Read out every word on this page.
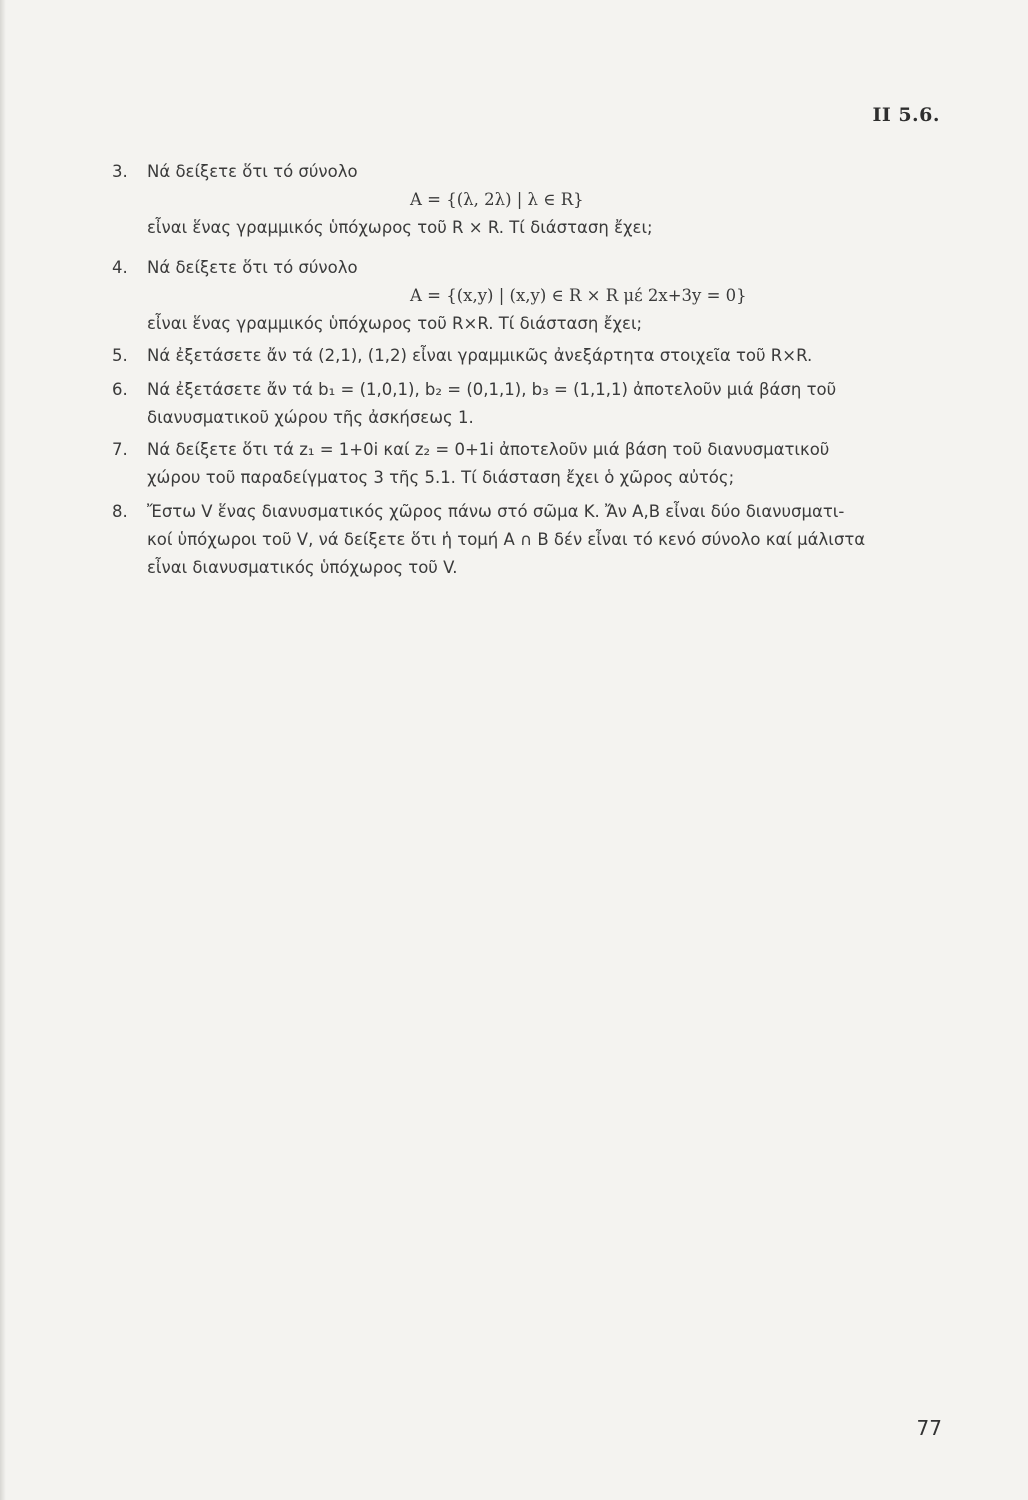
II 5.6.
3.	Νά δείξετε ὅτι τό σύνολο
A = {(λ, 2λ) | λ ∈ R}
εἶναι ἕνας γραμμικός ὑπόχωρος τοῦ R × R. Τί διάσταση ἔχει;
4.	Νά δείξετε ὅτι τό σύνολο
A = {(x,y) | (x,y) ∈ R × R μέ 2x+3y = 0}
εἶναι ἕνας γραμμικός ὑπόχωρος τοῦ R×R. Τί διάσταση ἔχει;
5.	Νά ἐξετάσετε ἄν τά (2,1), (1,2) εἶναι γραμμικῶς ἀνεξάρτητα στοιχεῖα τοῦ R×R.
6.	Νά ἐξετάσετε ἄν τά b₁ = (1,0,1), b₂ = (0,1,1), b₃ = (1,1,1) ἀποτελοῦν μιά βάση τοῦ
διανυσματικοῦ χώρου τῆς ἀσκήσεως 1.
7.	Νά δείξετε ὅτι τά z₁ = 1+0i καί z₂ = 0+1i ἀποτελοῦν μιά βάση τοῦ διανυσματικοῦ
χώρου τοῦ παραδείγματος 3 τῆς 5.1. Τί διάσταση ἔχει ὁ χῶρος αὐτός;
8.	Ἔστω V ἕνας διανυσματικός χῶρος πάνω στό σῶμα K. Ἄν A,B εἶναι δύο διανυσματι-
κοί ὑπόχωροι τοῦ V, νά δείξετε ὅτι ἡ τομή A ∩ B δέν εἶναι τό κενό σύνολο καί μάλιστα
εἶναι διανυσματικός ὑπόχωρος τοῦ V.
77
